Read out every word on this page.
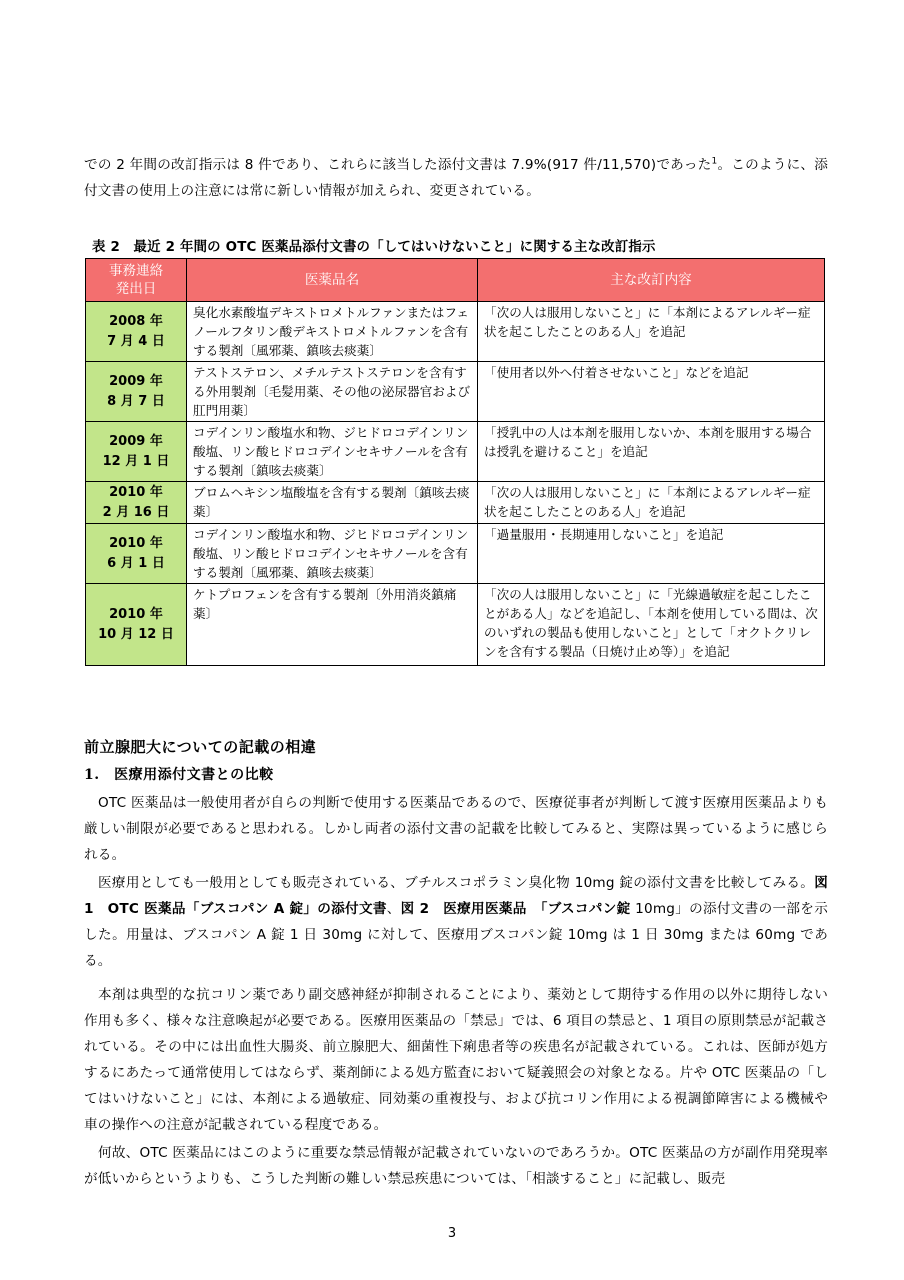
での 2 年間の改訂指示は 8 件であり、これらに該当した添付文書は 7.9%(917 件/11,570)であった$^1$。このように、添付文書の使用上の注意には常に新しい情報が加えられ、変更されている。

表 2　最近 2 年間の OTC 医薬品添付文書の「してはいけないこと」に関する主な改訂指示

事務連絡
発出日	医薬品名	主な改訂内容
2008 年
7 月 4 日	臭化水素酸塩デキストロメトルファンまたはフェノールフタリン酸デキストロメトルファンを含有する製剤〔風邪薬、鎮咳去痰薬〕	「次の人は服用しないこと」に「本剤によるアレルギー症状を起こしたことのある人」を追記
2009 年
8 月 7 日	テストステロン、メチルテストステロンを含有する外用製剤〔毛髪用薬、その他の泌尿器官および肛門用薬〕	「使用者以外へ付着させないこと」などを追記
2009 年
12 月 1 日	コデインリン酸塩水和物、ジヒドロコデインリン酸塩、リン酸ヒドロコデインセキサノールを含有する製剤〔鎮咳去痰薬〕	「授乳中の人は本剤を服用しないか、本剤を服用する場合は授乳を避けること」を追記
2010 年
2 月 16 日	ブロムヘキシン塩酸塩を含有する製剤〔鎮咳去痰薬〕	「次の人は服用しないこと」に「本剤によるアレルギー症状を起こしたことのある人」を追記
2010 年
6 月 1 日	コデインリン酸塩水和物、ジヒドロコデインリン酸塩、リン酸ヒドロコデインセキサノールを含有する製剤〔風邪薬、鎮咳去痰薬〕	「過量服用・長期連用しないこと」を追記
2010 年
10 月 12 日	ケトプロフェンを含有する製剤〔外用消炎鎮痛薬〕	「次の人は服用しないこと」に「光線過敏症を起こしたことがある人」などを追記し、「本剤を使用している間は、次のいずれの製品も使用しないこと」として「オクトクリレンを含有する製品（日焼け止め等）」を追記
前立腺肥大についての記載の相違
1.　医療用添付文書との比較

OTC 医薬品は一般使用者が自らの判断で使用する医薬品であるので、医療従事者が判断して渡す医療用医薬品よりも厳しい制限が必要であると思われる。しかし両者の添付文書の記載を比較してみると、実際は異っているように感じられる。

医療用としても一般用としても販売されている、ブチルスコポラミン臭化物 10mg 錠の添付文書を比較してみる。図 1　OTC 医薬品「ブスコパン A 錠」の添付文書、図 2　医療用医薬品　「ブスコパン錠 10mg」の添付文書の一部を示した。用量は、ブスコパン A 錠 1 日 30mg に対して、医療用ブスコパン錠 10mg は 1 日 30mg または 60mg である。

本剤は典型的な抗コリン薬であり副交感神経が抑制されることにより、薬効として期待する作用の以外に期待しない作用も多く、様々な注意喚起が必要である。医療用医薬品の「禁忌」では、6 項目の禁忌と、1 項目の原則禁忌が記載されている。その中には出血性大腸炎、前立腺肥大、細菌性下痢患者等の疾患名が記載されている。これは、医師が処方するにあたって通常使用してはならず、薬剤師による処方監査において疑義照会の対象となる。片や OTC 医薬品の「してはいけないこと」には、本剤による過敏症、同効薬の重複投与、および抗コリン作用による視調節障害による機械や車の操作への注意が記載されている程度である。

何故、OTC 医薬品にはこのように重要な禁忌情報が記載されていないのであろうか。OTC 医薬品の方が副作用発現率が低いからというよりも、こうした判断の難しい禁忌疾患については、「相談すること」に記載し、販売

3
